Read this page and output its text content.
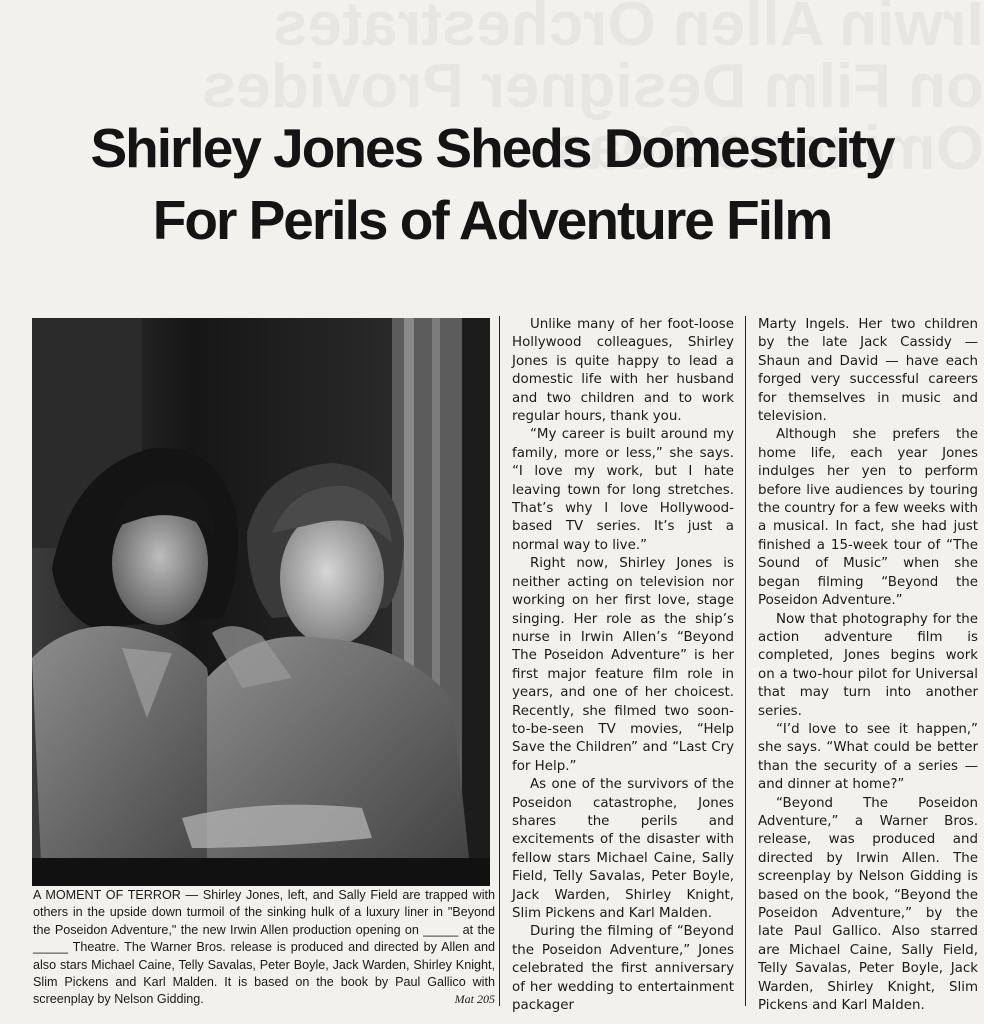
Shirley Jones Sheds Domesticity
For Perils of Adventure Film
A MOMENT OF TERROR — Shirley Jones, left, and Sally Field are trapped with others in the upside down turmoil of the sinking hulk of a luxury liner in "Beyond the Poseidon Adventure," the new Irwin Allen production opening on _____ at the _____ Theatre. The Warner Bros. release is produced and directed by Allen and also stars Michael Caine, Telly Savalas, Peter Boyle, Jack Warden, Shirley Knight, Slim Pickens and Karl Malden. It is based on the book by Paul Gallico with screenplay by Nelson Gidding.	Mat 205

Unlike many of her foot-loose Hollywood colleagues, Shirley Jones is quite happy to lead a domestic life with her husband and two children and to work regular hours, thank you.

“My career is built around my family, more or less,” she says. “I love my work, but I hate leaving town for long stretches. That’s why I love Hollywood-based TV series. It’s just a normal way to live.”

Right now, Shirley Jones is neither acting on television nor working on her first love, stage singing. Her role as the ship’s nurse in Irwin Allen’s “Beyond The Poseidon Adventure” is her first major feature film role in years, and one of her choicest. Recently, she filmed two soon-to-be-seen TV movies, “Help Save the Children” and “Last Cry for Help.”

As one of the survivors of the Poseidon catastrophe, Jones shares the perils and excitements of the disaster with fellow stars Michael Caine, Sally Field, Telly Savalas, Peter Boyle, Jack Warden, Shirley Knight, Slim Pickens and Karl Malden.

During the filming of “Beyond the Poseidon Adventure,” Jones celebrated the first anniversary of her wedding to entertainment packager

Marty Ingels. Her two children by the late Jack Cassidy — Shaun and David — have each forged very successful careers for themselves in music and television.

Although she prefers the home life, each year Jones indulges her yen to perform before live audiences by touring the country for a few weeks with a musical. In fact, she had just finished a 15-week tour of “The Sound of Music” when she began filming “Beyond the Poseidon Adventure.”

Now that photography for the action adventure film is completed, Jones begins work on a two-hour pilot for Universal that may turn into another series.

“I’d love to see it happen,” she says. “What could be better than the security of a series — and dinner at home?”

“Beyond The Poseidon Adventure,” a Warner Bros. release, was produced and directed by Irwin Allen. The screenplay by Nelson Gidding is based on the book, “Beyond the Poseidon Adventure,” by the late Paul Gallico. Also starred are Michael Caine, Sally Field, Telly Savalas, Peter Boyle, Jack Warden, Shirley Knight, Slim Pickens and Karl Malden.
